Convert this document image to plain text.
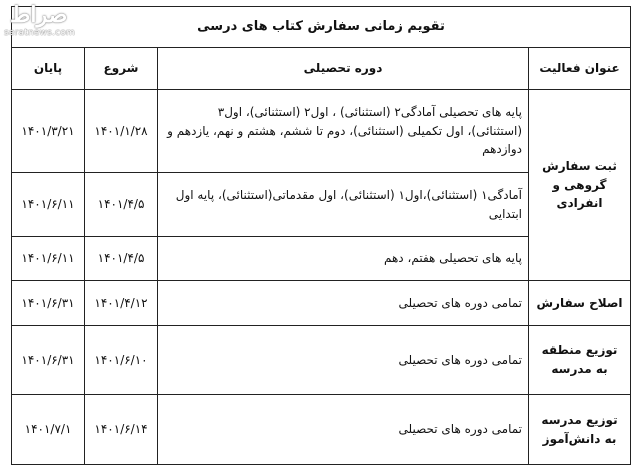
تقویم زمانی سفارش کتاب های درسی			
عنوان فعالیت	دوره تحصیلی	شروع	پایان
ثبت سفارش گروهی و انفرادی	پایه های تحصیلی آمادگی۲ (استثنائی) ، اول۲ (استثنائی)، اول۳ (استثنائی)، اول تکمیلی (استثنائی)، دوم تا ششم، هشتم و نهم، یازدهم و دوازدهم	۱۴۰۱/۱/۲۸	۱۴۰۱/۳/۲۱
	آمادگی۱ (استثنائی)،اول۱ (استثنائی)، اول مقدماتی(استثنائی)، پایه اول ابتدایی	۱۴۰۱/۴/۵	۱۴۰۱/۶/۱۱
	پایه های تحصیلی هفتم، دهم	۱۴۰۱/۴/۵	۱۴۰۱/۶/۱۱
اصلاح سفارش	تمامی دوره های تحصیلی	۱۴۰۱/۴/۱۲	۱۴۰۱/۶/۳۱
توزیع منطقه به مدرسه	تمامی دوره های تحصیلی	۱۴۰۱/۶/۱۰	۱۴۰۱/۶/۳۱
توزیع مدرسه به دانش‌آموز	تمامی دوره های تحصیلی	۱۴۰۱/۶/۱۴	۱۴۰۱/۷/۱
صراط
seratnews.com
